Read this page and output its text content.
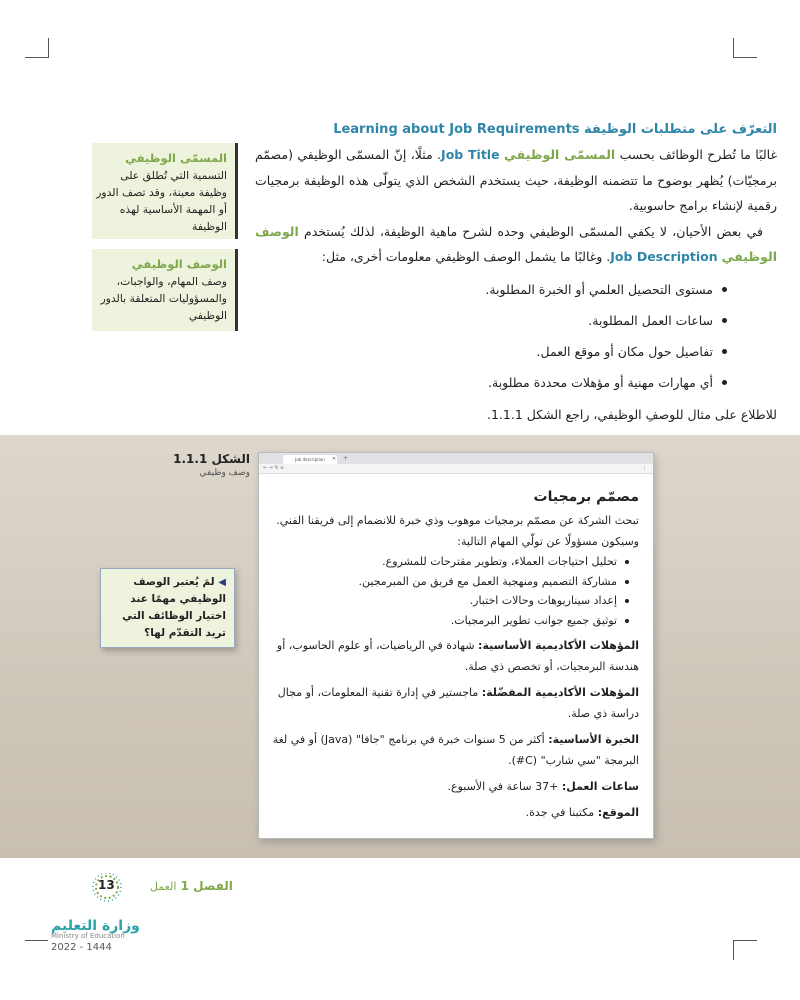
التعرّف على متطلبات الوظيفة Learning about Job Requirements

غالبًا ما تُطرح الوظائف بحسب المسمّى الوظيفي Job Title. مثلًا، إنّ المسمّى الوظيفي (مصمّم برمجيّات) يُظهر بوضوح ما تتضمنه الوظيفة، حيث يستخدم الشخص الذي يتولّى هذه الوظيفة برمجيات رقمية لإنشاء برامج حاسوبية.

في بعض الأحيان، لا يكفي المسمّى الوظيفي وحده لشرح ماهية الوظيفة، لذلك يُستخدم الوصف الوظيفي Job Description. وغالبًا ما يشمل الوصف الوظيفي معلومات أخرى، مثل:

مستوى التحصيل العلمي أو الخبرة المطلوبة.
ساعات العمل المطلوبة.
تفاصيل حول مكان أو موقع العمل.
أي مهارات مهنية أو مؤهلات محددة مطلوبة.

للاطلاع على مثال للوصفِ الوظيفي، راجع الشكل 1.1.1.

المسمّى الوظيفي
التسمية التي تُطلق على وظيفة معينة، وقد تصف الدور أو المهمة الأساسية لهذه الوظيفة
الوصف الوظيفي
وصف المهام، والواجبات، والمسؤوليات المتعلقة بالدور الوظيفي
الشكل 1.1.1
وصف وظيفي
◀ لمَ يُعتبر الوصف الوظيفي مهمًا عند اختيار الوظائف التي تريد التقدّم لها؟
Job description	✕ +
← → ↻ ⌂	⋮
مصمّم برمجيات

تبحث الشركة عن مصمّم برمجيات موهوب وذي خبرة للانضمام إلى فريقنا الفني.

وسيكون مسؤولًا عن تولّي المهام التالية:

تحليل احتياجات العملاء، وتطوير مقترحات للمشروع.
مشاركة التصميم ومنهجية العمل مع فريق من المبرمجين.
إعداد سيناريوهات وحالات اختبار.
توثيق جميع جوانب تطوير البرمجيات.

المؤهلات الأكاديمية الأساسية: شهادة في الرياضيات، أو علوم الحاسوب، أو هندسة البرمجيات، أو تخصص ذي صلة.

المؤهلات الأكاديمية المفضّلة: ماجستير في إدارة تقنية المعلومات، أو مجال دراسة ذي صلة.

الخبرة الأساسية: أكثر من 5 سنوات خبرة في برنامج "جافا" (Java) أو في لغة البرمجة "سي شارب" (C#).

ساعات العمل: +37 ساعة في الأسبوع.

الموقع: مكتبنا في جدة.

الفصل 1 العمل
13
وزارة التعليم
Ministry of Education
2022 - 1444
